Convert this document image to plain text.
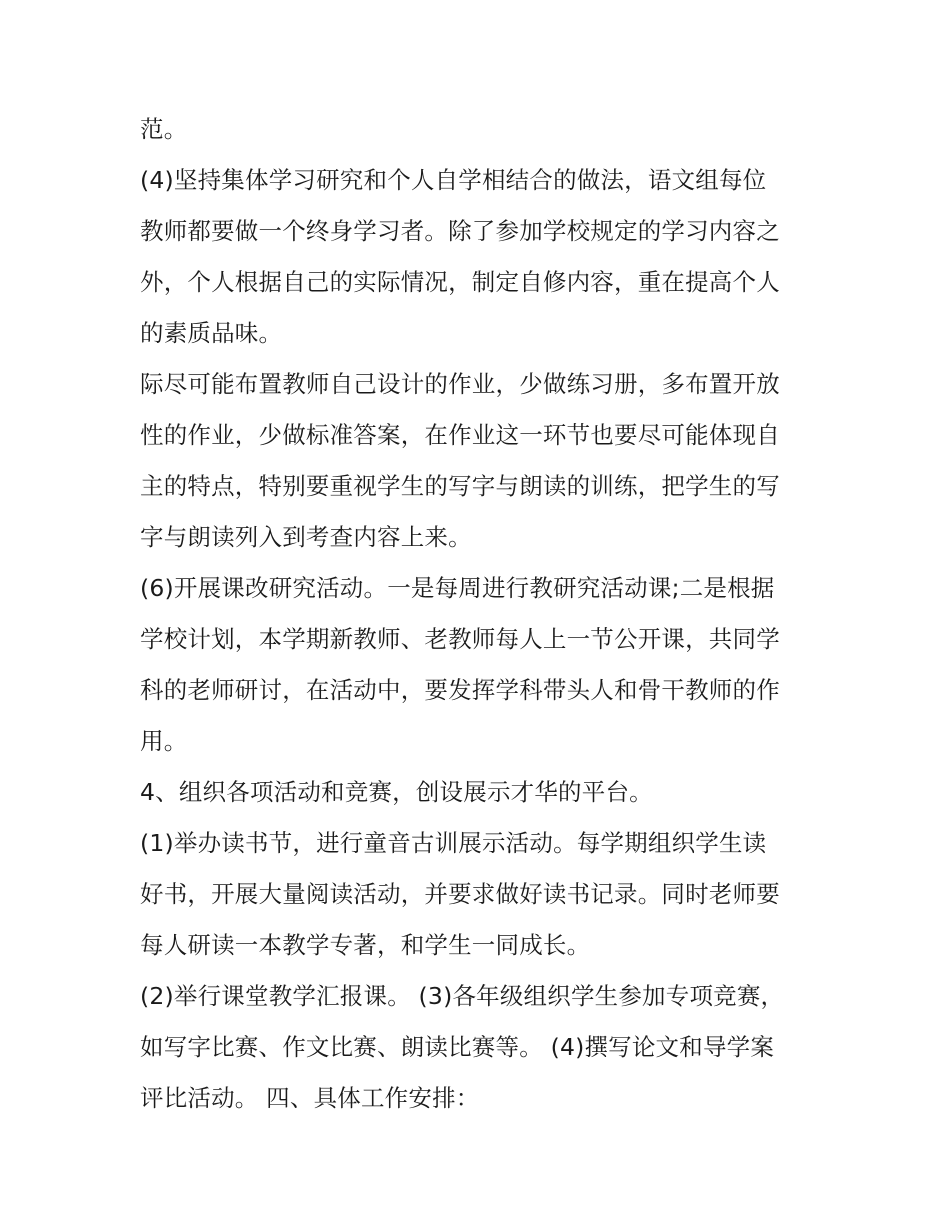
范。
(4)坚持集体学习研究和个人自学相结合的做法，语文组每位
教师都要做一个终身学习者。除了参加学校规定的学习内容之
外，个人根据自己的实际情况，制定自修内容，重在提高个人
的素质品味。
际尽可能布置教师自己设计的作业，少做练习册，多布置开放
性的作业，少做标准答案，在作业这一环节也要尽可能体现自
主的特点，特别要重视学生的写字与朗读的训练，把学生的写
字与朗读列入到考查内容上来。
(6)开展课改研究活动。一是每周进行教研究活动课;二是根据
学校计划，本学期新教师、老教师每人上一节公开课，共同学
科的老师研讨，在活动中，要发挥学科带头人和骨干教师的作
用。
4、组织各项活动和竞赛，创设展示才华的平台。
(1)举办读书节，进行童音古训展示活动。每学期组织学生读
好书，开展大量阅读活动，并要求做好读书记录。同时老师要
每人研读一本教学专著，和学生一同成长。
(2)举行课堂教学汇报课。 (3)各年级组织学生参加专项竞赛，
如写字比赛、作文比赛、朗读比赛等。 (4)撰写论文和导学案
评比活动。 四、具体工作安排：
